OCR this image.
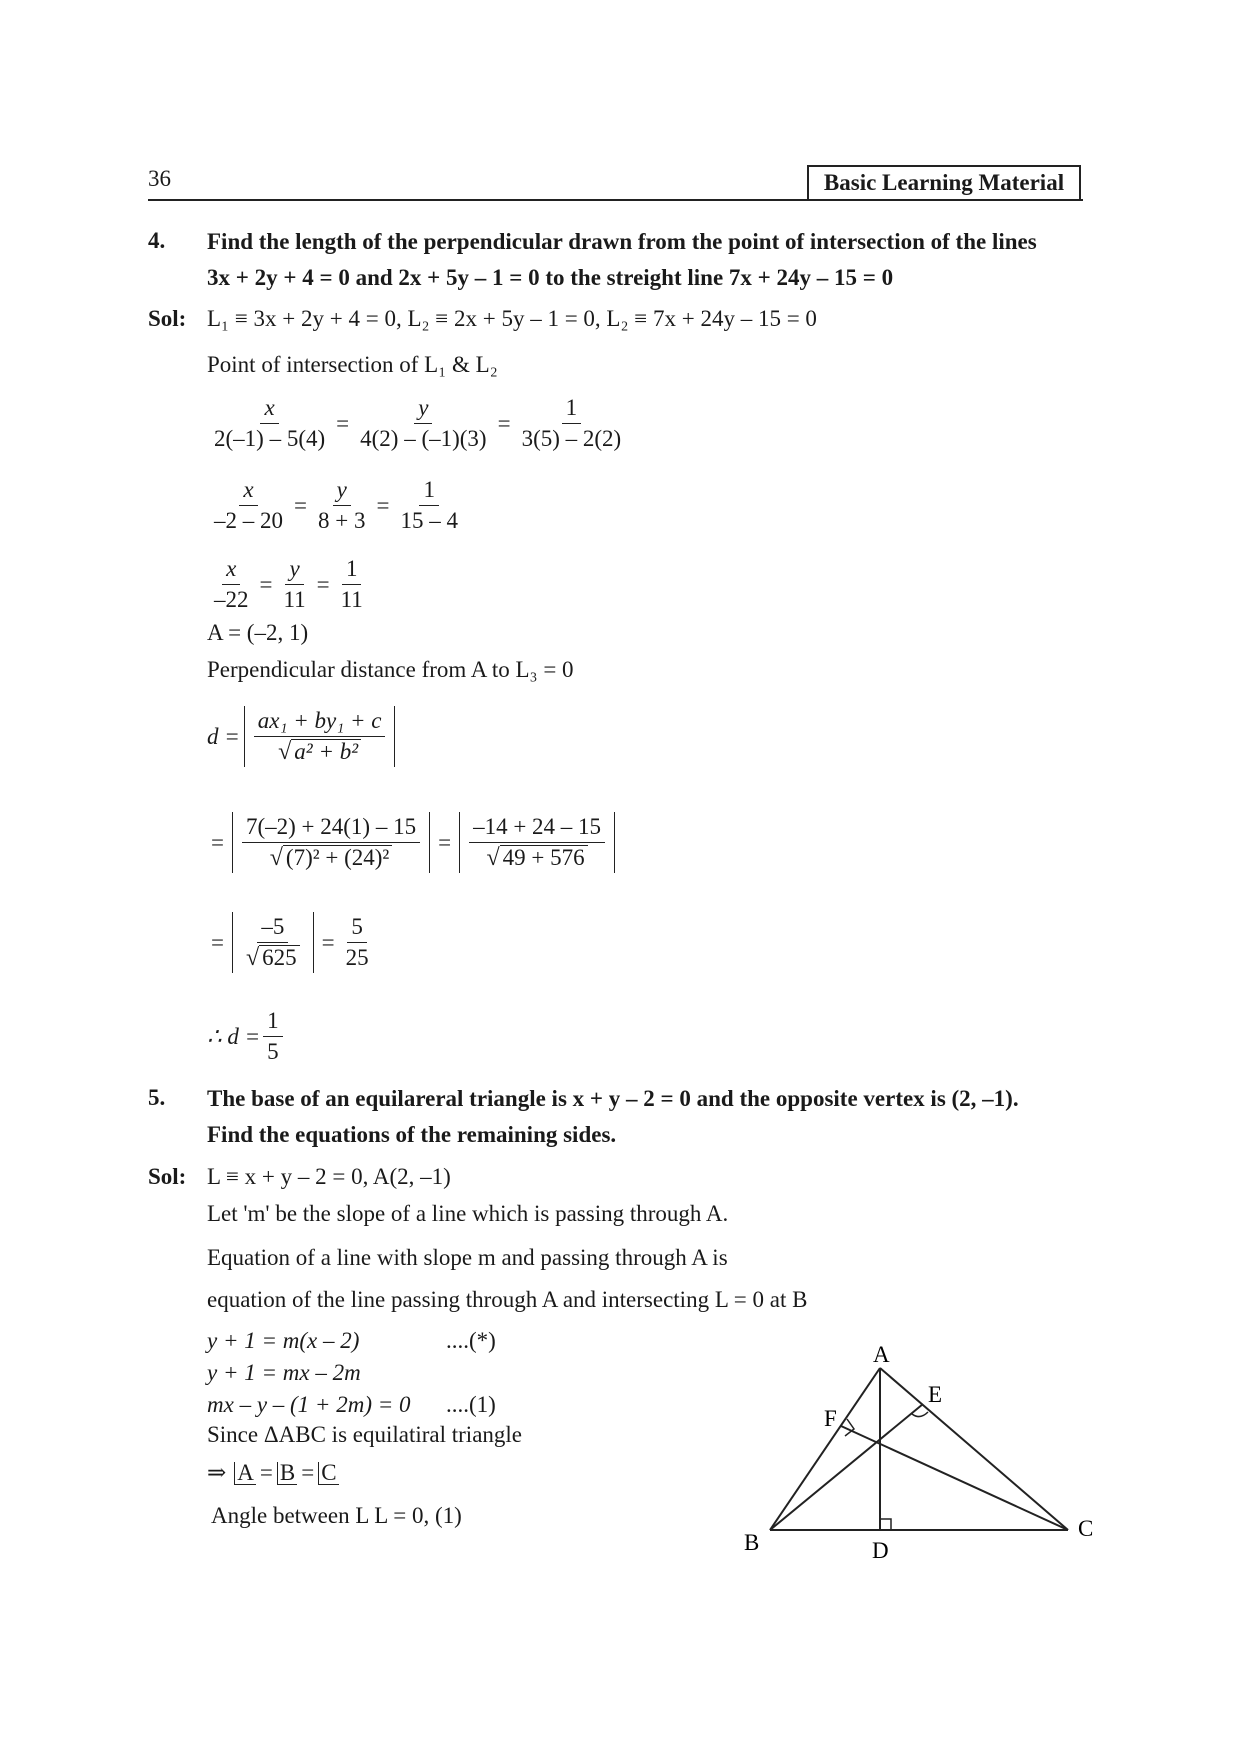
36	Basic Learning Material
4. Find the length of the perpendicular drawn from the point of intersection of the lines
3x + 2y + 4 = 0 and 2x + 5y – 1 = 0 to the streight line 7x + 24y – 15 = 0
Sol: L₁ ≡ 3x + 2y + 4 = 0, L₂ ≡ 2x + 5y – 1 = 0, L₂ ≡ 7x + 24y – 15 = 0
Point of intersection of L₁ & L₂
$\frac{x}{2(-1) - 5(4)} = \frac{y}{4(2) - (-1)(3)} = \frac{1}{3(5) - 2(2)}$
$\frac{x}{-2 - 20} = \frac{y}{8 + 3} = \frac{1}{15 - 4}$
$\frac{x}{-22} = \frac{y}{11} = \frac{1}{11}$
A = (–2, 1)
Perpendicular distance from A to L₃ = 0
$d = \frac{\text{ax₁ + by₁ + c}}{\text{√ a² + b²}}$
= $\frac{7(-2) + 24(1) - 15}{\text{√ (7)² + (24)²}} = \frac{-14 + 24 - 15}{√ 49 + 576}$
= $\frac{-5}{√ 625} = \frac{5}{25}$
∴ $d = \frac{1}{5}$
5. The base of an equilareral triangle is x + y – 2 = 0 and the opposite vertex is (2, –1).
Find the equations of the remaining sides.
Sol: L ≡ x + y – 2 = 0, A(2, –1)
Let 'm' be the slope of a line which is passing through A.
Equation of a line with slope m and passing through A is
equation of the line passing through A and intersecting L = 0 at B
y + 1 = m(x – 2)	....(*)
y + 1 = mx – 2m
mx – y – (1 + 2m) = 0 ....(1)
Since ΔABC is equilatiral triangle
⇒ A = B = C
Angle between L L = 0, (1)
A
B
C
D
E
F
